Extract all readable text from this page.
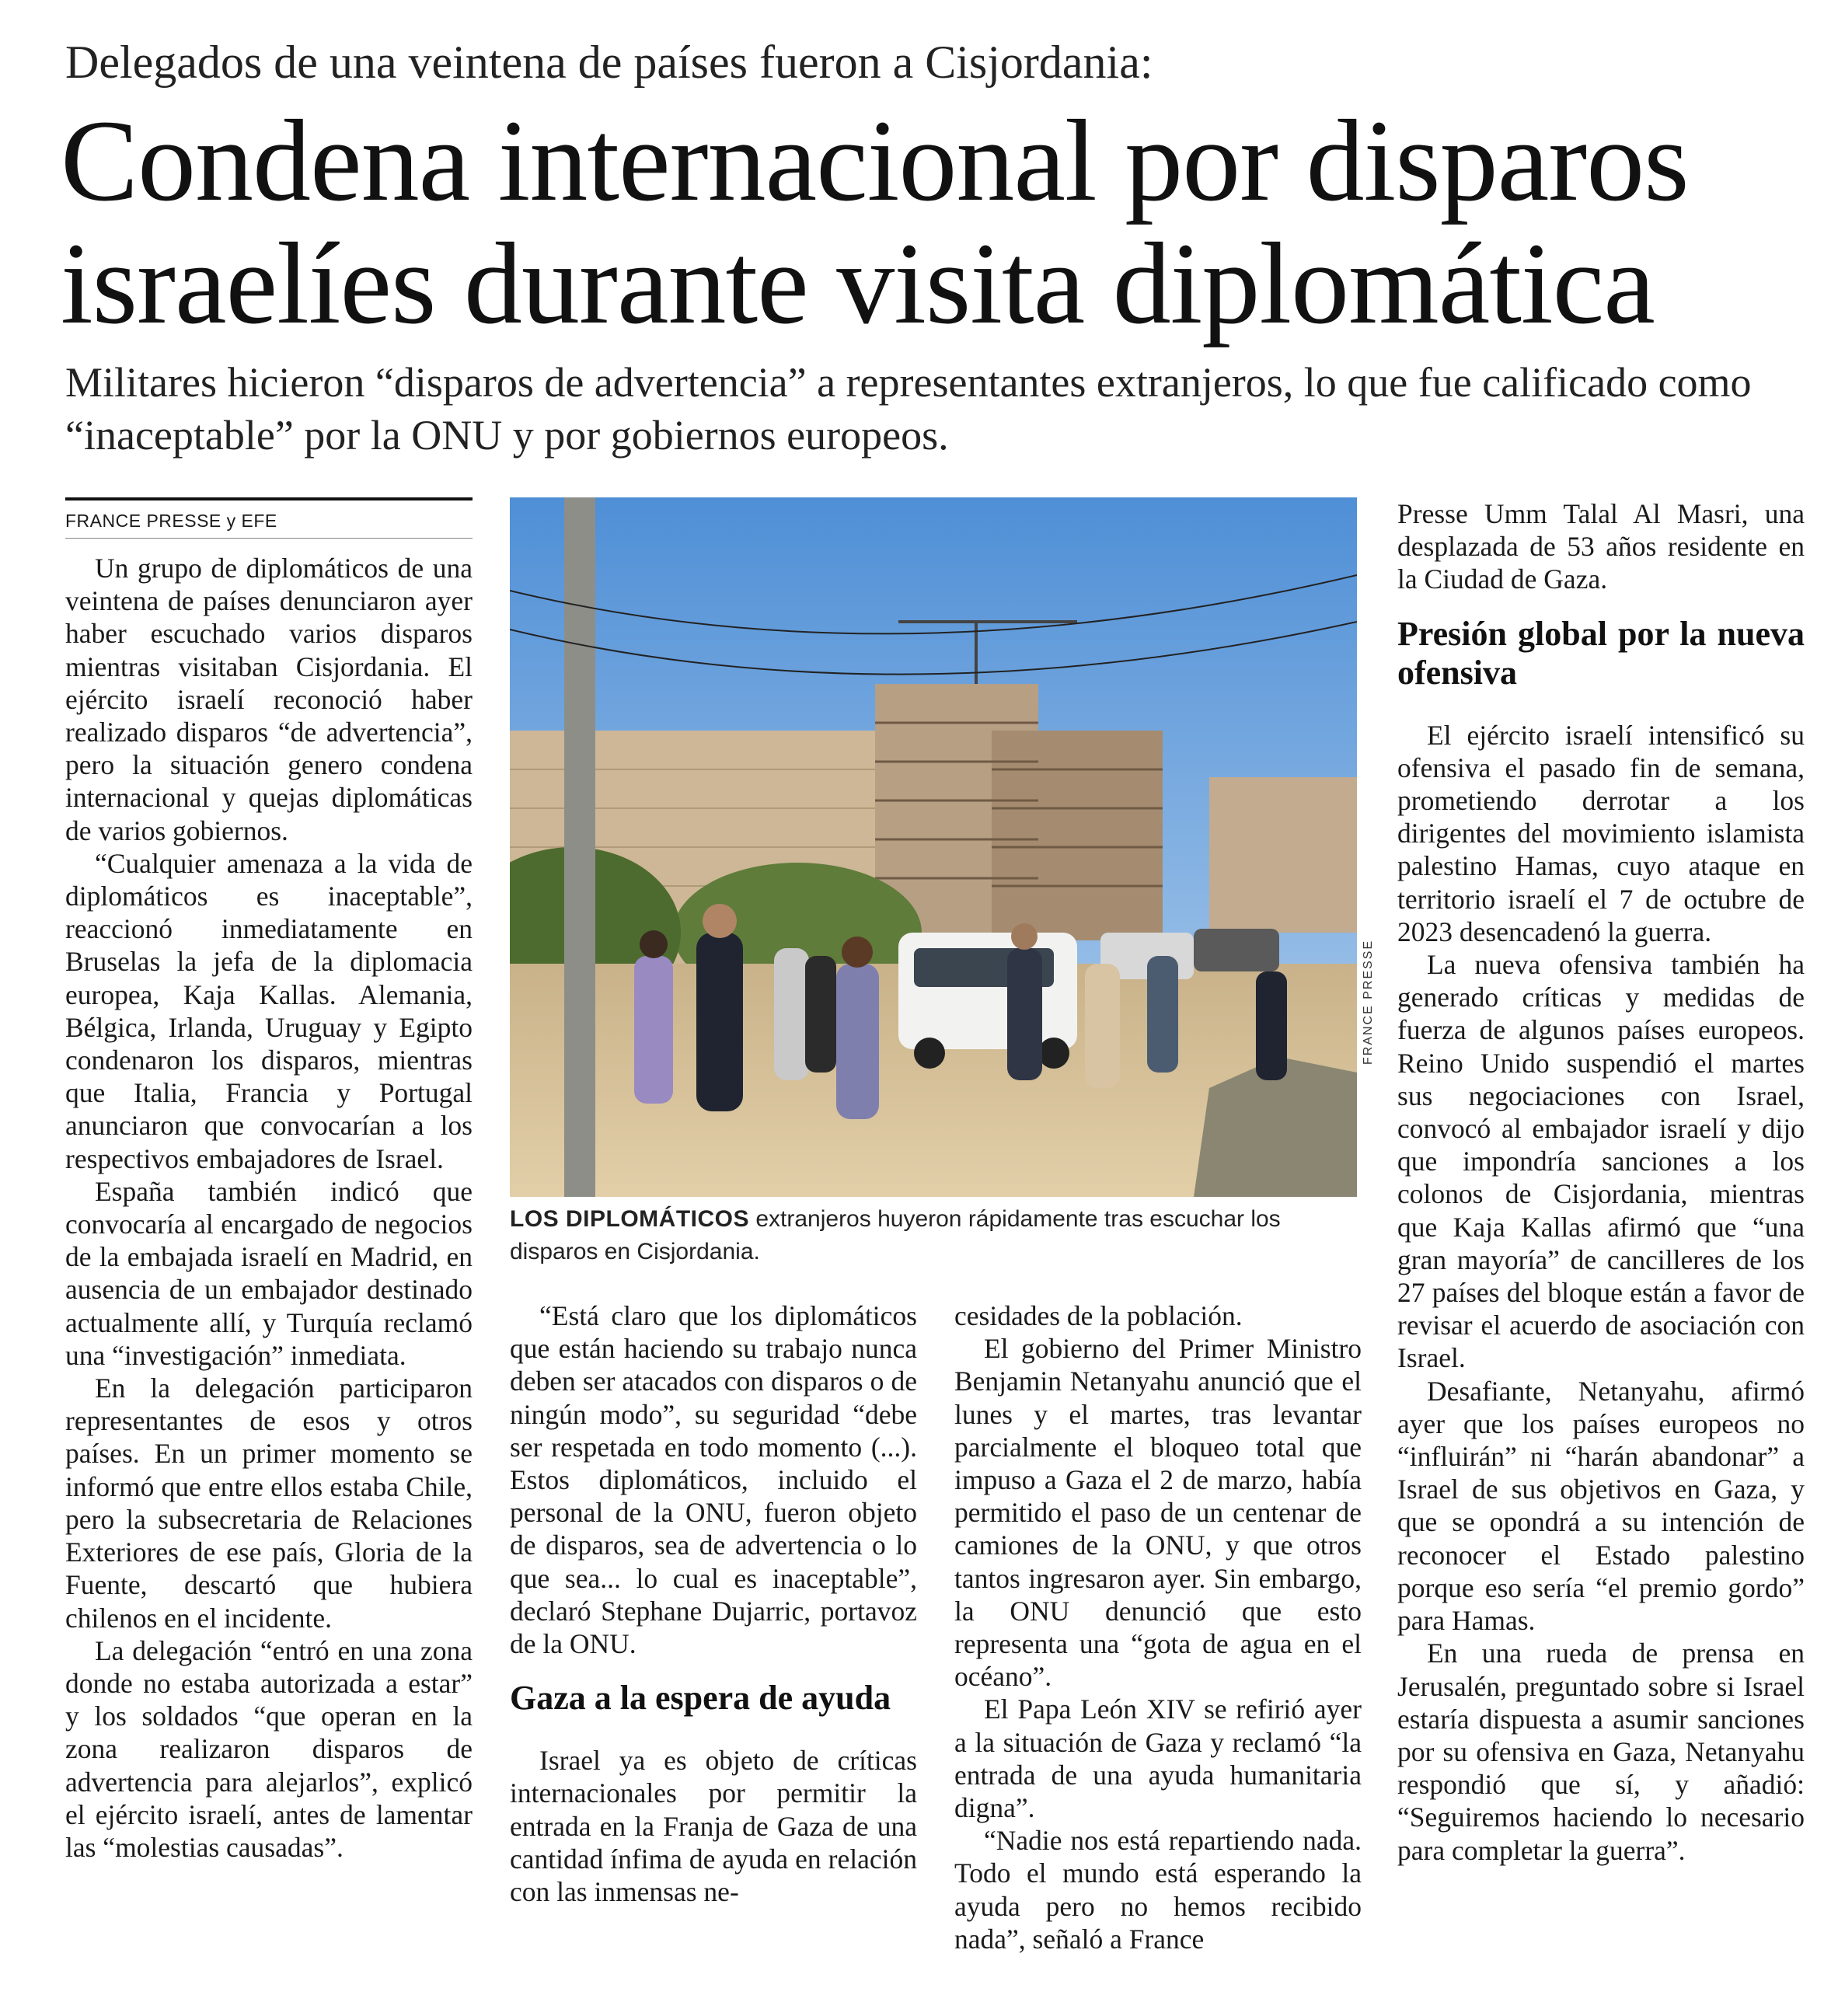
Delegados de una veintena de países fueron a Cisjordania:
Condena internacional por disparos
israelíes durante visita diplomática
Militares hicieron “disparos de advertencia” a representantes extranjeros, lo que fue calificado como “inaceptable” por la ONU y por gobiernos europeos.
FRANCE PRESSE y EFE

Un grupo de diplomáticos de una veintena de países denunciaron ayer haber escuchado varios disparos mientras visitaban Cisjordania. El ejército israelí reconoció haber realizado disparos “de advertencia”, pero la situación genero condena internacional y quejas diplomáticas de varios gobiernos.

“Cualquier amenaza a la vida de diplomáticos es inaceptable”, reaccionó inmediatamente en Bruselas la jefa de la diplomacia europea, Kaja Kallas. Alemania, Bélgica, Irlanda, Uruguay y Egipto condenaron los disparos, mientras que Italia, Francia y Portugal anunciaron que convocarían a los respectivos embajadores de Israel.

España también indicó que convocaría al encargado de negocios de la embajada israelí en Madrid, en ausencia de un embajador destinado actualmente allí, y Turquía reclamó una “investigación” inmediata.

En la delegación participaron representantes de esos y otros países. En un primer momento se informó que entre ellos estaba Chile, pero la subsecretaria de Relaciones Exteriores de ese país, Gloria de la Fuente, descartó que hubiera chilenos en el incidente.

La delegación “entró en una zona donde no estaba autorizada a estar” y los soldados “que operan en la zona realizaron disparos de advertencia para alejarlos”, explicó el ejército israelí, antes de lamentar las “molestias causadas”.

FRANCE PRESSE
LOS DIPLOMÁTICOS extranjeros huyeron rápidamente tras escuchar los disparos en Cisjordania.

“Está claro que los diplomáticos que están haciendo su trabajo nunca deben ser atacados con disparos o de ningún modo”, su seguridad “debe ser respetada en todo momento (...). Estos diplomáticos, incluido el personal de la ONU, fueron objeto de disparos, sea de advertencia o lo que sea... lo cual es inaceptable”, declaró Stephane Dujarric, portavoz de la ONU.

Gaza a la espera de ayuda

Israel ya es objeto de críticas internacionales por permitir la entrada en la Franja de Gaza de una cantidad ínfima de ayuda en relación con las inmensas ne-

cesidades de la población.

El gobierno del Primer Ministro Benjamin Netanyahu anunció que el lunes y el martes, tras levantar parcialmente el bloqueo total que impuso a Gaza el 2 de marzo, había permitido el paso de un centenar de camiones de la ONU, y que otros tantos ingresaron ayer. Sin embargo, la ONU denunció que esto representa una “gota de agua en el océano”.

El Papa León XIV se refirió ayer a la situación de Gaza y reclamó “la entrada de una ayuda humanitaria digna”.

“Nadie nos está repartiendo nada. Todo el mundo está esperando la ayuda pero no hemos recibido nada”, señaló a France

Presse Umm Talal Al Masri, una desplazada de 53 años residente en la Ciudad de Gaza.

Presión global por la nueva ofensiva

El ejército israelí intensificó su ofensiva el pasado fin de semana, prometiendo derrotar a los dirigentes del movimiento islamista palestino Hamas, cuyo ataque en territorio israelí el 7 de octubre de 2023 desencadenó la guerra.

La nueva ofensiva también ha generado críticas y medidas de fuerza de algunos países europeos. Reino Unido suspendió el martes sus negociaciones con Israel, convocó al embajador israelí y dijo que impondría sanciones a los colonos de Cisjordania, mientras que Kaja Kallas afirmó que “una gran mayoría” de cancilleres de los 27 países del bloque están a favor de revisar el acuerdo de asociación con Israel.

Desafiante, Netanyahu, afirmó ayer que los países europeos no “influirán” ni “harán abandonar” a Israel de sus objetivos en Gaza, y que se opondrá a su intención de reconocer el Estado palestino porque eso sería “el premio gordo” para Hamas.

En una rueda de prensa en Jerusalén, preguntado sobre si Israel estaría dispuesta a asumir sanciones por su ofensiva en Gaza, Netanyahu respondió que sí, y añadió: “Seguiremos haciendo lo necesario para completar la guerra”.
